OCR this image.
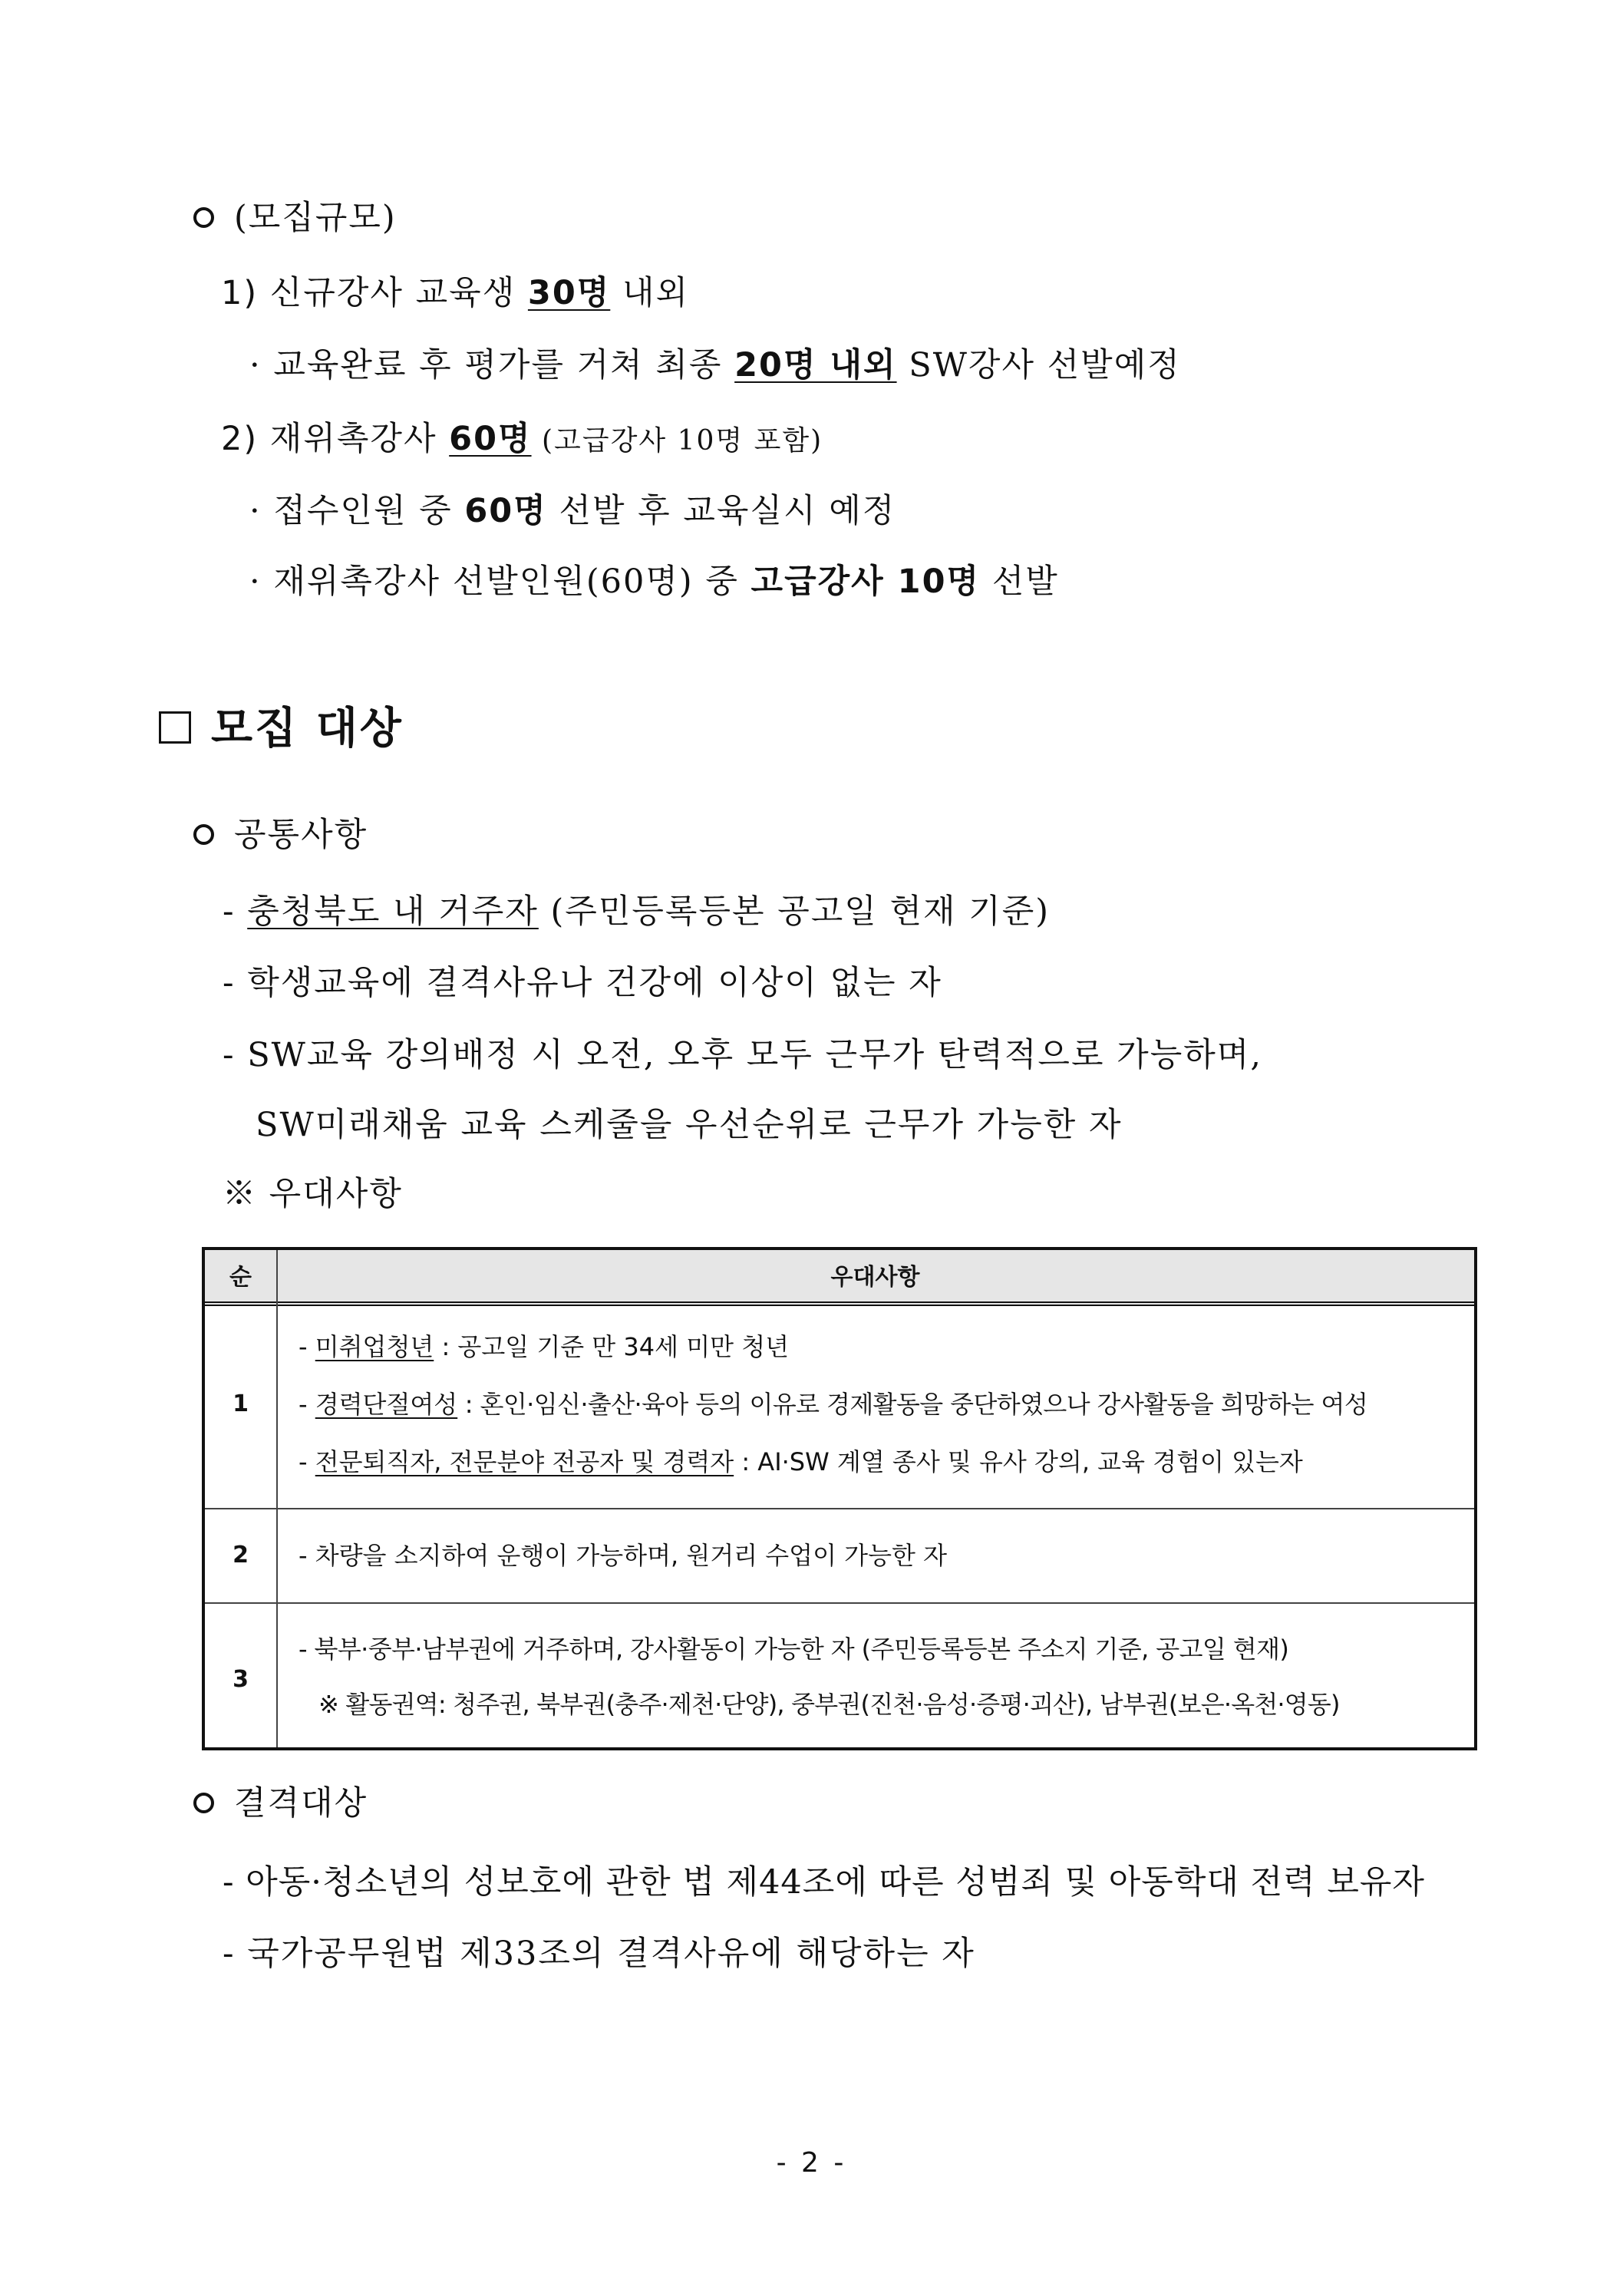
(모집규모)
1) 신규강사 교육생 30명 내외
· 교육완료 후 평가를 거쳐 최종 20명 내외 SW강사 선발예정
2) 재위촉강사 60명 (고급강사 10명 포함)
· 접수인원 중 60명 선발 후 교육실시 예정
· 재위촉강사 선발인원(60명) 중 고급강사 10명 선발
모집 대상
공통사항
- 충청북도 내 거주자 (주민등록등본 공고일 현재 기준)
- 학생교육에 결격사유나 건강에 이상이 없는 자
- SW교육 강의배정 시 오전, 오후 모두 근무가 탄력적으로 가능하며,
SW미래채움 교육 스케줄을 우선순위로 근무가 가능한 자
※ 우대사항
순	우대사항
1
- 미취업청년 : 공고일 기준 만 34세 미만 청년
- 경력단절여성 : 혼인·임신·출산·육아 등의 이유로 경제활동을 중단하였으나 강사활동을 희망하는 여성
- 전문퇴직자, 전문분야 전공자 및 경력자 : AI·SW 계열 종사 및 유사 강의, 교육 경험이 있는자
2	- 차량을 소지하여 운행이 가능하며, 원거리 수업이 가능한 자
3
- 북부·중부·남부권에 거주하며, 강사활동이 가능한 자 (주민등록등본 주소지 기준, 공고일 현재)
※ 활동권역: 청주권, 북부권(충주·제천·단양), 중부권(진천·음성·증평·괴산), 남부권(보은·옥천·영동)
결격대상
- 아동·청소년의 성보호에 관한 법 제44조에 따른 성범죄 및 아동학대 전력 보유자
- 국가공무원법 제33조의 결격사유에 해당하는 자
- 2 -
